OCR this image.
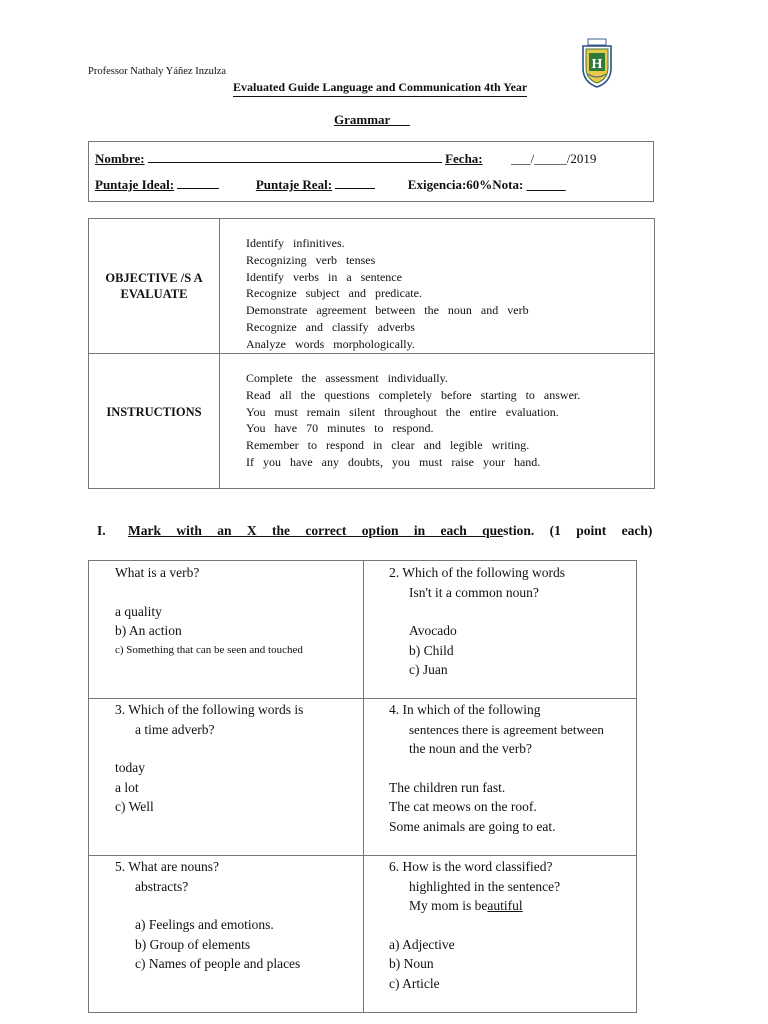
Professor Nathaly Yáñez Inzulza
Evaluated Guide Language and Communication 4th Year
Grammar___
H
Nombre:	Fecha: ___/_____/2019
Puntaje Ideal:	Puntaje Real:	Exigencia:60%Nota: ______
OBJECTIVE /S A EVALUATE
Identify infinitives.
Recognizing verb tenses
Identify verbs in a sentence
Recognize subject and predicate.
Demonstrate agreement between the noun and verb
Recognize and classify adverbs
Analyze words morphologically.
INSTRUCTIONS
Complete the assessment individually.
Read all the questions completely before starting to answer.
You must remain silent throughout the entire evaluation.
You have 70 minutes to respond.
Remember to respond in clear and legible writing.
If you have any doubts, you must raise your hand.
I. Mark with an X the correct option in each question. (1 point each)
What is a verb?
a quality
b) An action
c) Something that can be seen and touched
2. Which of the following words
Isn't it a common noun?
Avocado
b) Child
c) Juan
3. Which of the following words is
a time adverb?
today
a lot
c) Well
4. In which of the following
sentences there is agreement between
the noun and the verb?
The children run fast.
The cat meows on the roof.
Some animals are going to eat.
5. What are nouns?
abstracts?
a) Feelings and emotions.
b) Group of elements
c) Names of people and places
6. How is the word classified?
highlighted in the sentence?
My mom is beautiful
a) Adjective
b) Noun
c) Article
